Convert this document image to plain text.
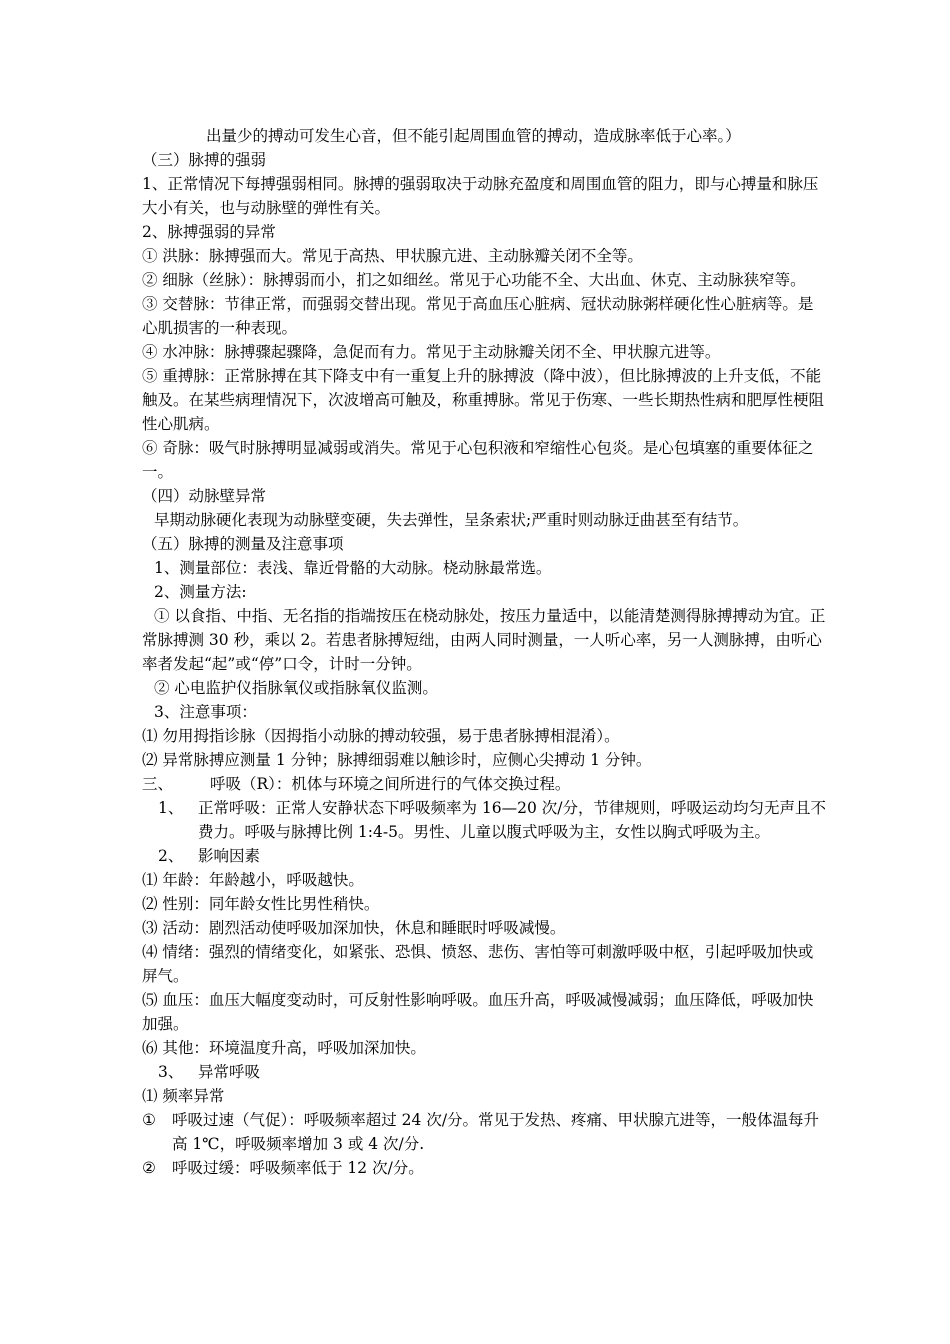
出量少的搏动可发生心音，但不能引起周围血管的搏动，造成脉率低于心率。）

（三）脉搏的强弱

1、正常情况下每搏强弱相同。脉搏的强弱取决于动脉充盈度和周围血管的阻力，即与心搏量和脉压大小有关，也与动脉壁的弹性有关。

2、脉搏强弱的异常

① 洪脉：脉搏强而大。常见于高热、甲状腺亢进、主动脉瓣关闭不全等。

② 细脉（丝脉）：脉搏弱而小，扪之如细丝。常见于心功能不全、大出血、休克、主动脉狭窄等。

③ 交替脉：节律正常，而强弱交替出现。常见于高血压心脏病、冠状动脉粥样硬化性心脏病等。是心肌损害的一种表现。

④ 水冲脉：脉搏骤起骤降，急促而有力。常见于主动脉瓣关闭不全、甲状腺亢进等。

⑤ 重搏脉：正常脉搏在其下降支中有一重复上升的脉搏波（降中波），但比脉搏波的上升支低，不能触及。在某些病理情况下，次波增高可触及，称重搏脉。常见于伤寒、一些长期热性病和肥厚性梗阻性心肌病。

⑥ 奇脉：吸气时脉搏明显减弱或消失。常见于心包积液和窄缩性心包炎。是心包填塞的重要体征之一。

（四）动脉壁异常

早期动脉硬化表现为动脉壁变硬，失去弹性，呈条索状;严重时则动脉迂曲甚至有结节。

（五）脉搏的测量及注意事项

1、测量部位：表浅、靠近骨骼的大动脉。桡动脉最常选。

2、测量方法:

① 以食指、中指、无名指的指端按压在桡动脉处，按压力量适中，以能清楚测得脉搏搏动为宜。正常脉搏测 30 秒，乘以 2。若患者脉搏短绌，由两人同时测量，一人听心率，另一人测脉搏，由听心率者发起“起”或“停”口令，计时一分钟。

② 心电监护仪指脉氧仪或指脉氧仪监测。

3、注意事项：

⑴ 勿用拇指诊脉（因拇指小动脉的搏动较强，易于患者脉搏相混淆）。

⑵ 异常脉搏应测量 1 分钟；脉搏细弱难以触诊时，应侧心尖搏动 1 分钟。

三、	呼吸（R）：机体与环境之间所进行的气体交换过程。
1、 正常呼吸：正常人安静状态下呼吸频率为 16—20 次/分，节律规则，呼吸运动均匀无声且不费力。呼吸与脉搏比例 1:4-5。男性、儿童以腹式呼吸为主，女性以胸式呼吸为主。
2、 影响因素

⑴ 年龄：年龄越小，呼吸越快。

⑵ 性别：同年龄女性比男性稍快。

⑶ 活动：剧烈活动使呼吸加深加快，休息和睡眠时呼吸减慢。

⑷ 情绪：强烈的情绪变化，如紧张、恐惧、愤怒、悲伤、害怕等可刺激呼吸中枢，引起呼吸加快或屏气。

⑸ 血压：血压大幅度变动时，可反射性影响呼吸。血压升高，呼吸减慢减弱；血压降低，呼吸加快加强。

⑹ 其他：环境温度升高，呼吸加深加快。

3、 异常呼吸

⑴ 频率异常

①	呼吸过速（气促）：呼吸频率超过 24 次/分。常见于发热、疼痛、甲状腺亢进等，一般体温每升高 1℃，呼吸频率增加 3 或 4 次/分.
②	呼吸过缓：呼吸频率低于 12 次/分。
